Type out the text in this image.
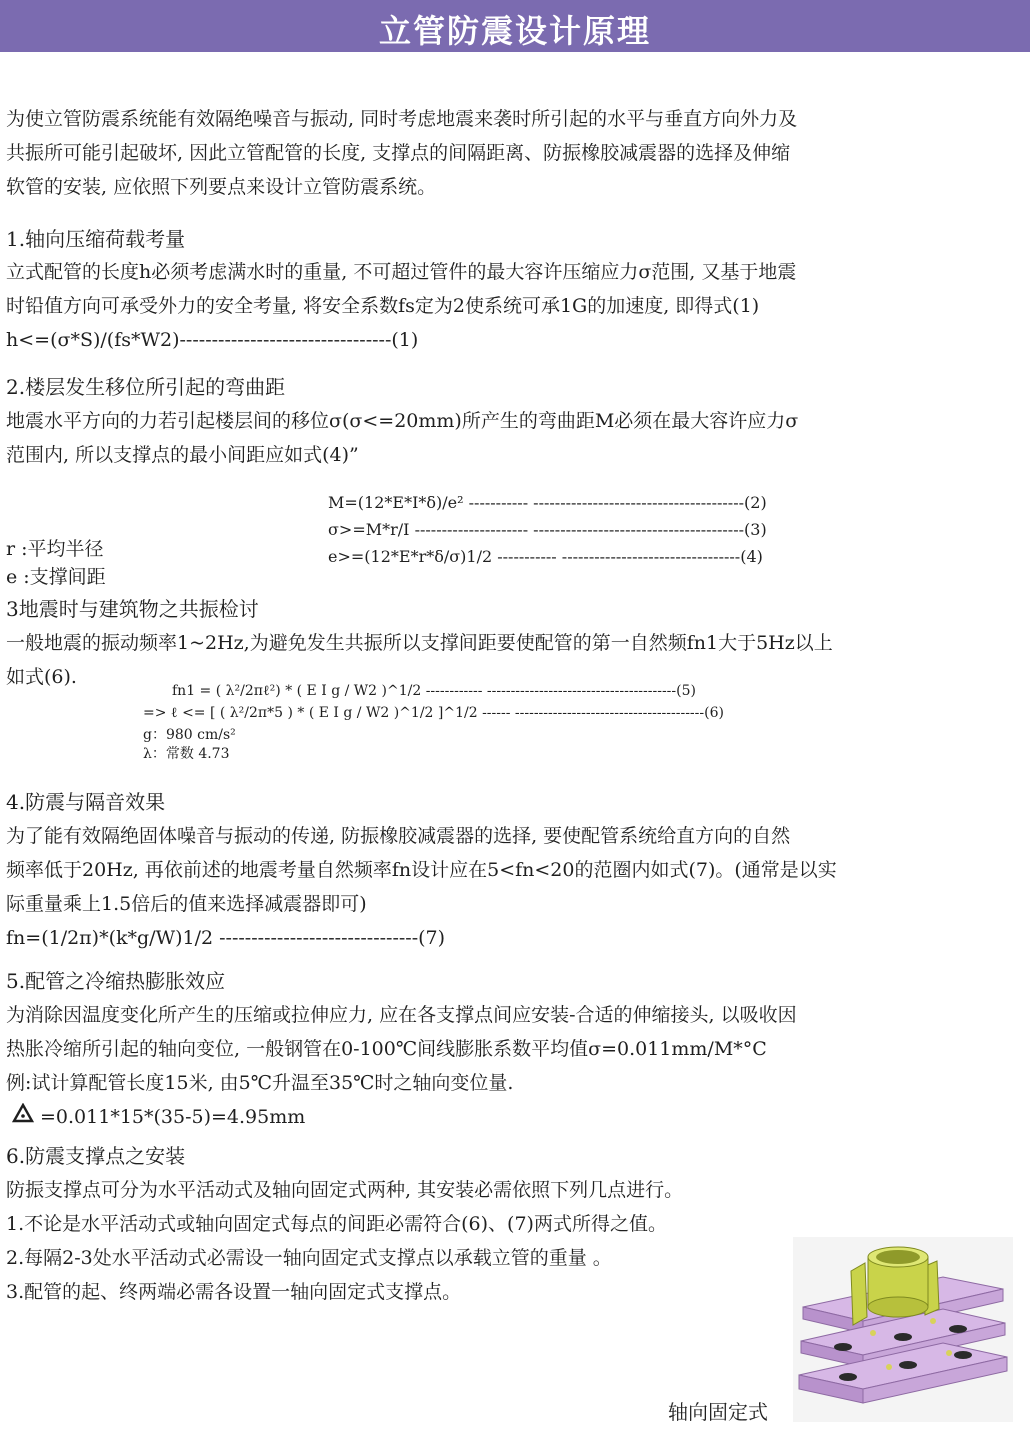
立管防震设计原理
为使立管防震系统能有效隔绝噪音与振动, 同时考虑地震来袭时所引起的水平与垂直方向外力及
共振所可能引起破坏, 因此立管配管的长度, 支撑点的间隔距离、防振橡胶减震器的选择及伸缩
软管的安装, 应依照下列要点来设计立管防震系统。
1.轴向压缩荷载考量
立式配管的长度h必须考虑满水时的重量, 不可超过管件的最大容许压缩应力σ范围, 又基于地震
时铅值方向可承受外力的安全考量, 将安全系数fs定为2使系统可承1G的加速度, 即得式(1)
h<=(σ*S)/(fs*W2)---------------------------------(1)
2.楼层发生移位所引起的弯曲距
地震水平方向的力若引起楼层间的移位σ(σ<=20mm)所产生的弯曲距M必须在最大容许应力σ
范围内, 所以支撑点的最小间距应如式(4)”
M=(12*E*I*δ)/e² ----------- ---------------------------------------(2)
σ>=M*r/I --------------------- ---------------------------------------(3)
e>=(12*E*r*δ/σ)1/2 ----------- ---------------------------------(4)
r :平均半径
e :支撑间距
3地震时与建筑物之共振检讨
一般地震的振动频率1~2Hz,为避免发生共振所以支撑间距要使配管的第一自然频fn1大于5Hz以上
如式(6).
fn1 = ( λ²/2πℓ²) * ( E I g / W2 )^1/2 ------------ ----------------------------------------(5)
=> ℓ <= [ ( λ²/2π*5 ) * ( E I g / W2 )^1/2 ]^1/2 ------ ----------------------------------------(6)
g：980 cm/s²
λ：常数 4.73
4.防震与隔音效果
为了能有效隔绝固体噪音与振动的传递, 防振橡胶减震器的选择, 要使配管系统给直方向的自然
频率低于20Hz, 再依前述的地震考量自然频率fn设计应在5<fn<20的范圈内如式(7)。(通常是以实
际重量乘上1.5倍后的值来选择减震器即可)
fn=(1/2π)*(k*g/W)1/2 -------------------------------(7)
5.配管之冷缩热膨胀效应
为消除因温度变化所产生的压缩或拉伸应力, 应在各支撑点间应安装-合适的伸缩接头, 以吸收因
热胀冷缩所引起的轴向变位, 一般钢管在0-100℃间线膨胀系数平均值σ=0.011mm/M*°C
例:试计算配管长度15米, 由5℃升温至35℃时之轴向变位量.
=0.011*15*(35-5)=4.95mm
6.防震支撑点之安装
防振支撑点可分为水平活动式及轴向固定式两种, 其安装必需依照下列几点进行。
1.不论是水平活动式或轴向固定式每点的间距必需符合(6)、(7)两式所得之值。
2.每隔2-3处水平活动式必需设一轴向固定式支撑点以承载立管的重量 。
3.配管的起、终两端必需各设置一轴向固定式支撑点。
轴向固定式
